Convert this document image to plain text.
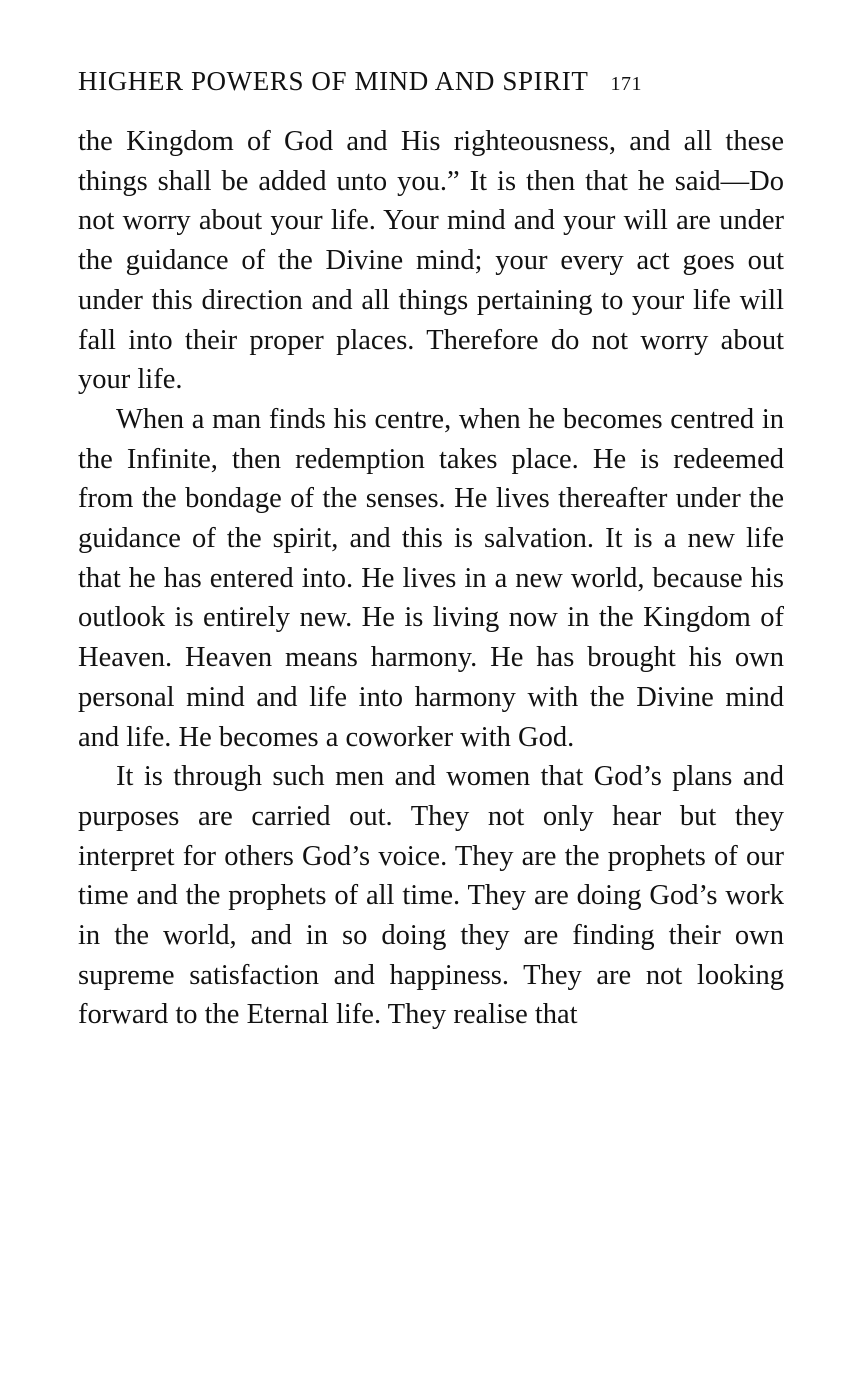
HIGHER POWERS OF MIND AND SPIRIT 171

the Kingdom of God and His righteousness, and all these things shall be added unto you.” It is then that he said—Do not worry about your life. Your mind and your will are under the guidance of the Divine mind; your every act goes out under this direction and all things pertaining to your life will fall into their proper places. Therefore do not worry about your life.

When a man finds his centre, when he becomes centred in the Infinite, then redemption takes place. He is redeemed from the bondage of the senses. He lives thereafter under the guidance of the spirit, and this is salvation. It is a new life that he has entered into. He lives in a new world, because his outlook is entirely new. He is living now in the Kingdom of Heaven. Heaven means harmony. He has brought his own personal mind and life into harmony with the Divine mind and life. He becomes a coworker with God.

It is through such men and women that God’s plans and purposes are carried out. They not only hear but they interpret for others God’s voice. They are the prophets of our time and the prophets of all time. They are doing God’s work in the world, and in so doing they are finding their own supreme satisfaction and happiness. They are not looking forward to the Eternal life. They realise that
